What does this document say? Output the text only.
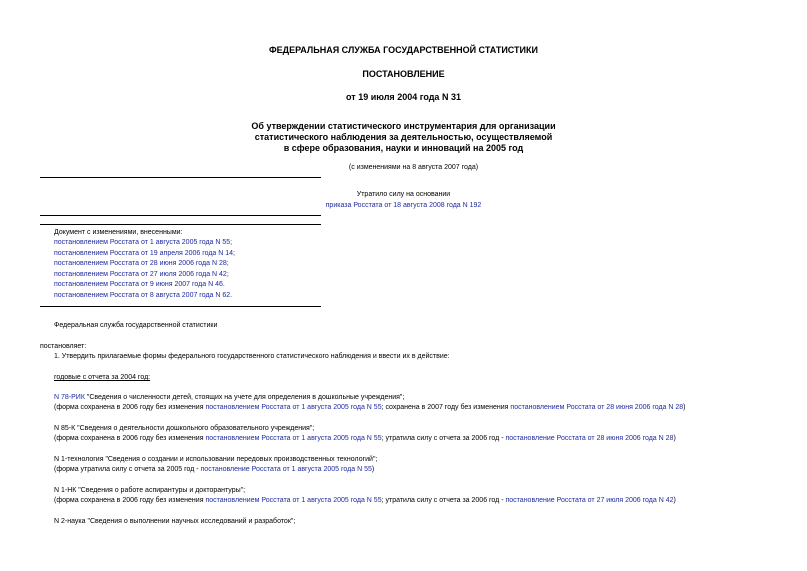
ФЕДЕРАЛЬНАЯ СЛУЖБА ГОСУДАРСТВЕННОЙ СТАТИСТИКИ
ПОСТАНОВЛЕНИЕ
от 19 июля 2004 года N 31
Об утверждении статистического инструментария для организации
статистического наблюдения за деятельностью, осуществляемой
в сфере образования, науки и инноваций на 2005 год
(с изменениями на 8 августа 2007 года)
Утратило силу на основании
приказа Росстата от 18 августа 2008 года N 192
Документ с изменениями, внесенными:
постановлением Росстата от 1 августа 2005 года N 55;
постановлением Росстата от 19 апреля 2006 года N 14;
постановлением Росстата от 28 июня 2006 года N 28;
постановлением Росстата от 27 июля 2006 года N 42;
постановлением Росстата от 9 июня 2007 года N 46.
постановлением Росстата от 8 августа 2007 года N 62.
Федеральная служба государственной статистики
постановляет:
1. Утвердить прилагаемые формы федерального государственного статистического наблюдения и ввести их в действие:
годовые с отчета за 2004 год:
N 78-РИК "Сведения о численности детей, стоящих на учете для определения в дошкольные учреждения";
(форма сохранена в 2006 году без изменения постановлением Росстата от 1 августа 2005 года N 55; сохранена в 2007 году без изменения постановлением Росстата от 28 июня 2006 года N 28)
N 85-К "Сведения о деятельности дошкольного образовательного учреждения";
(форма сохранена в 2006 году без изменения постановлением Росстата от 1 августа 2005 года N 55; утратила силу с отчета за 2006 год - постановление Росстата от 28 июня 2006 года N 28)
N 1-технология "Сведения о создании и использовании передовых производственных технологий";
(форма утратила силу с отчета за 2005 год - постановление Росстата от 1 августа 2005 года N 55)
N 1-НК "Сведения о работе аспирантуры и докторантуры";
(форма сохранена в 2006 году без изменения постановлением Росстата от 1 августа 2005 года N 55; утратила силу с отчета за 2006 год - постановление Росстата от 27 июля 2006 года N 42)
N 2-наука "Сведения о выполнении научных исследований и разработок";
